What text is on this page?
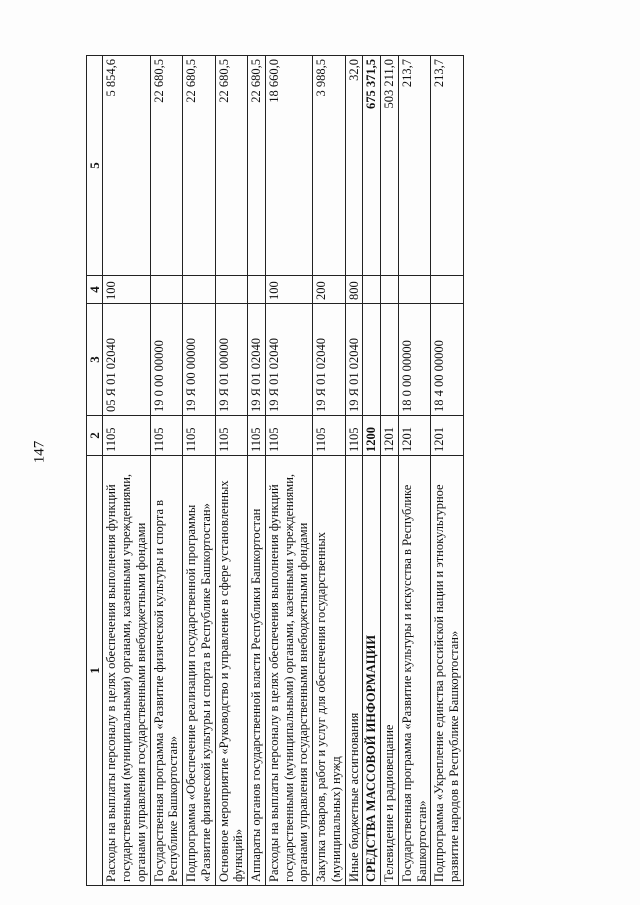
147
1	2	3	4	5
Расходы на выплаты персоналу в целях обеспечения выполнения функций государственными (муниципальными) органами, казенными учреждениями, органами управления государственными внебюджетными фондами	1105	05 Я 01 02040	100	5 854,6
Государственная программа «Развитие физической культуры и спорта в Республике Башкортостан»	1105	19 0 00 00000		22 680,5
Подпрограмма «Обеспечение реализации государственной программы «Развитие физической культуры и спорта в Республике Башкортостан»	1105	19 Я 00 00000		22 680,5
Основное мероприятие «Руководство и управление в сфере установленных функций»	1105	19 Я 01 00000		22 680,5
Аппараты органов государственной власти Республики Башкортостан	1105	19 Я 01 02040		22 680,5
Расходы на выплаты персоналу в целях обеспечения выполнения функций государственными (муниципальными) органами, казенными учреждениями, органами управления государственными внебюджетными фондами	1105	19 Я 01 02040	100	18 660,0
Закупка товаров, работ и услуг для обеспечения государственных (муниципальных) нужд	1105	19 Я 01 02040	200	3 988,5
Иные бюджетные ассигнования	1105	19 Я 01 02040	800	32,0
СРЕДСТВА МАССОВОЙ ИНФОРМАЦИИ	1200			675 371,5
Телевидение и радиовещание	1201			503 211,0
Государственная программа «Развитие культуры и искусства в Республике Башкортостан»	1201	18 0 00 00000		213,7
Подпрограмма «Укрепление единства российской нации и этнокультурное развитие народов в Республике Башкортостан»	1201	18 4 00 00000		213,7
